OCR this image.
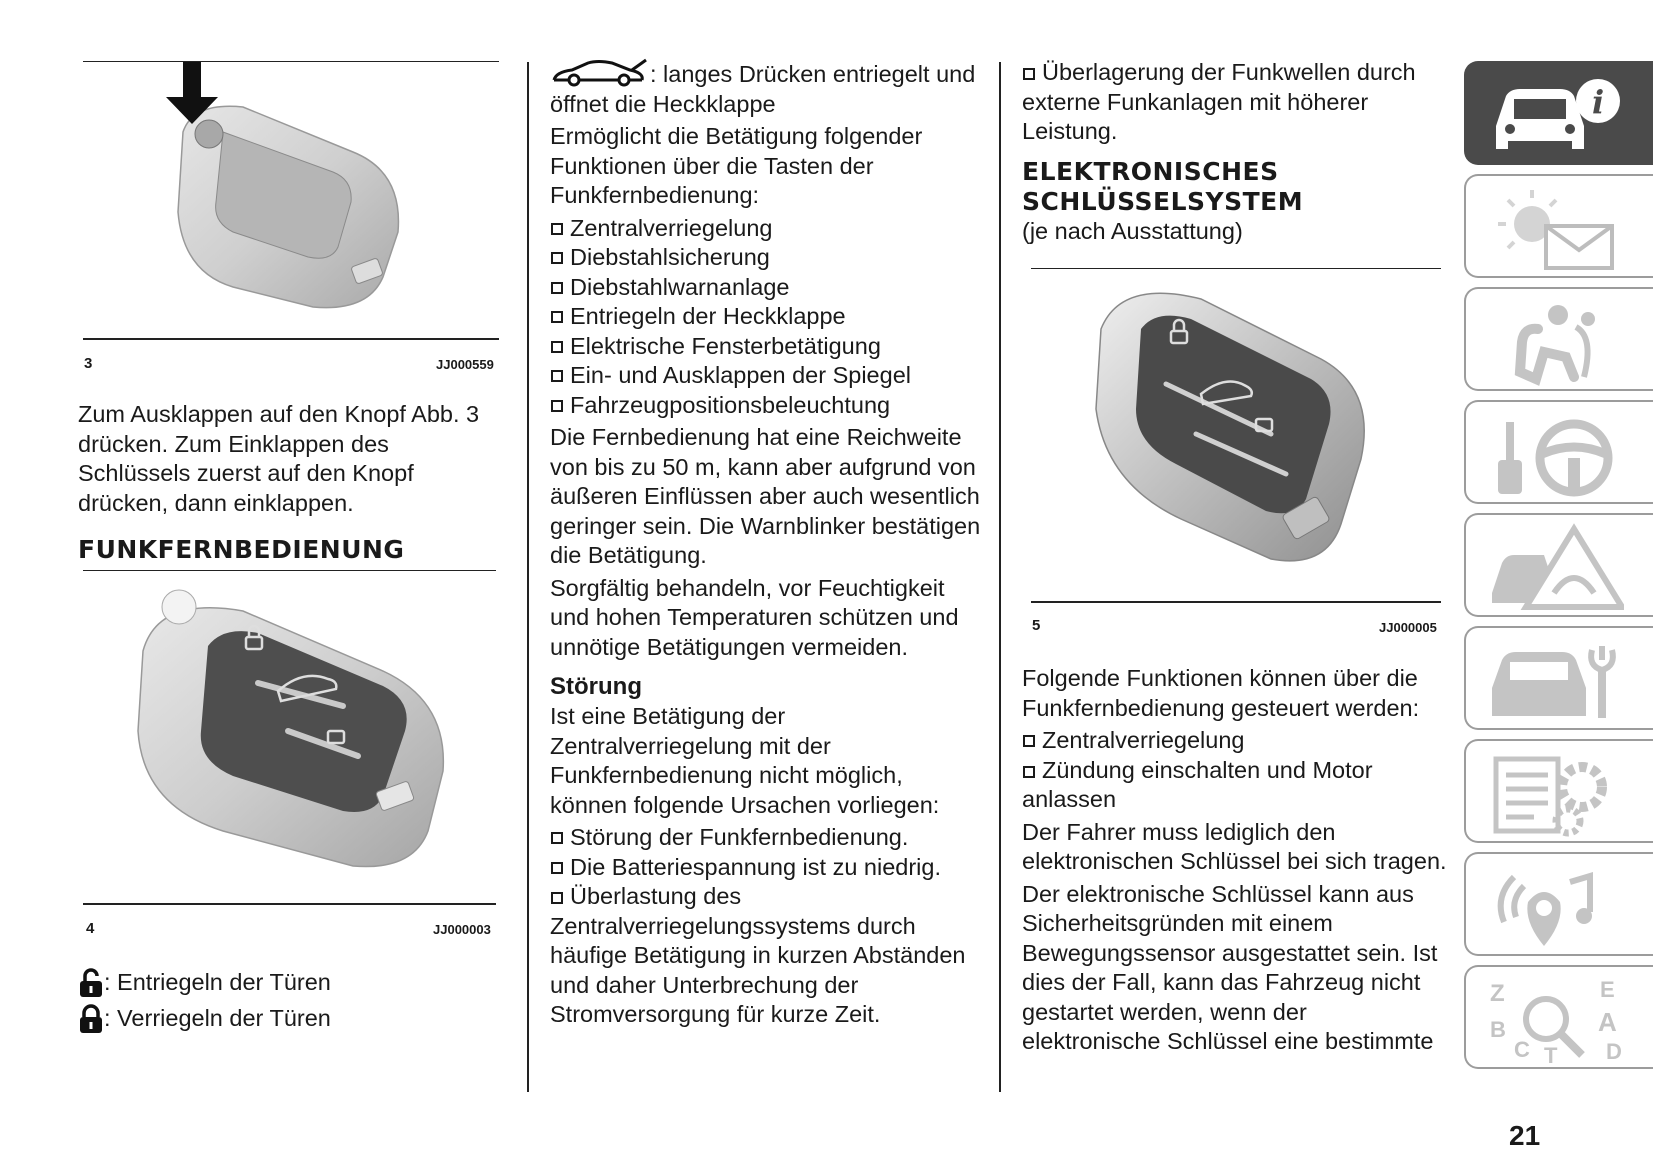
3	JJ000559

Zum Ausklappen auf den Knopf Abb. 3 drücken. Zum Einklappen des Schlüssels zuerst auf den Knopf drücken, dann einklappen.

FUNKFERNBEDIENUNG
4	JJ000003
: Entriegeln der Türen
: Verriegeln der Türen

: langes Drücken entriegelt und öffnet die Heckklappe

Ermöglicht die Betätigung folgender Funktionen über die Tasten der Funkfernbedienung:

Zentralverriegelung
Diebstahlsicherung
Diebstahlwarnanlage
Entriegeln der Heckklappe
Elektrische Fensterbetätigung
Ein- und Ausklappen der Spiegel
Fahrzeugpositionsbeleuchtung

Die Fernbedienung hat eine Reichweite von bis zu 50 m, kann aber aufgrund von äußeren Einflüssen aber auch wesentlich geringer sein. Die Warnblinker bestätigen die Betätigung.

Sorgfältig behandeln, vor Feuchtigkeit und hohen Temperaturen schützen und unnötige Betätigungen vermeiden.

Störung

Ist eine Betätigung der Zentralverriegelung mit der Funkfernbedienung nicht möglich, können folgende Ursachen vorliegen:

Störung der Funkfernbedienung.
Die Batteriespannung ist zu niedrig.
Überlastung des Zentralverriegelungssystems durch häufige Betätigung in kurzen Abständen und daher Unterbrechung der Stromversorgung für kurze Zeit.
Überlagerung der Funkwellen durch externe Funkanlagen mit höherer Leistung.
ELEKTRONISCHES
SCHLÜSSELSYSTEM

(je nach Ausstattung)

5	JJ000005

Folgende Funktionen können über die Funkfernbedienung gesteuert werden:

Zentralverriegelung
Zündung einschalten und Motor anlassen

Der Fahrer muss lediglich den elektronischen Schlüssel bei sich tragen.

Der elektronische Schlüssel kann aus Sicherheitsgründen mit einem Bewegungssensor ausgestattet sein. Ist dies der Fall, kann das Fahrzeug nicht gestartet werden, wenn der elektronische Schlüssel eine bestimmte

i
Z	E
B	A
C T D
21
